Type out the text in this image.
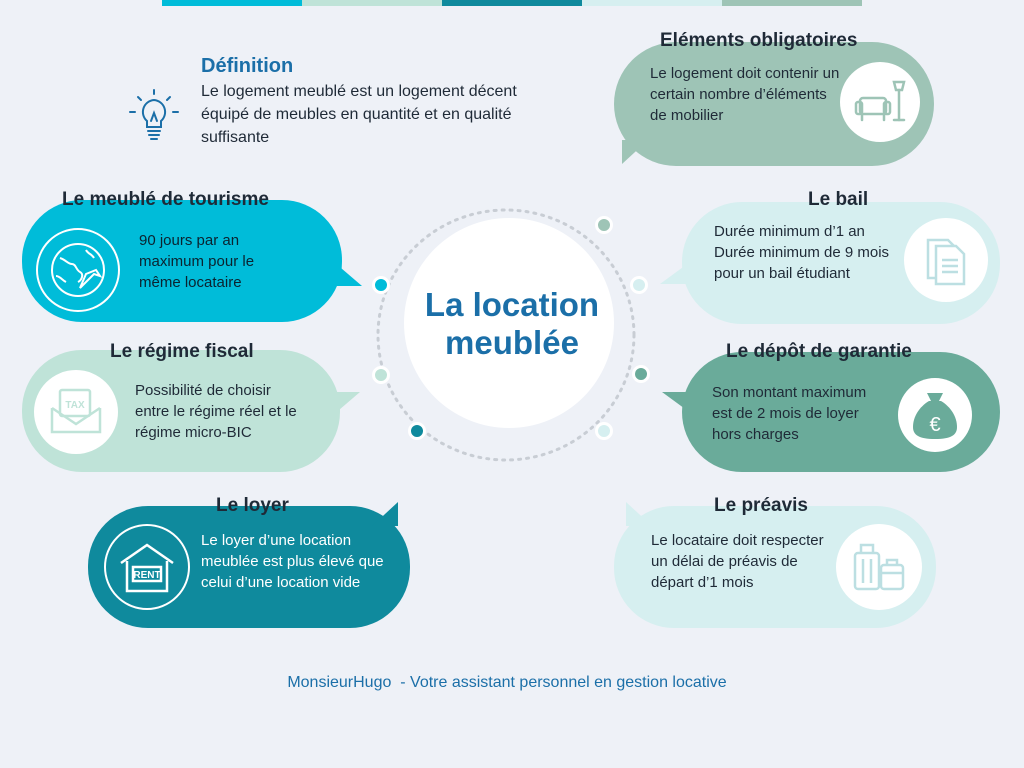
Définition
Le logement meublé est un logement décent équipé de meubles en quantité et en qualité suffisante
Eléments obligatoires
Le logement doit contenir un certain nombre d’éléments de mobilier
Le meublé de tourisme
90 jours par an maximum pour le même locataire
Le bail
Durée minimum d’1 an Durée minimum de 9 mois pour un bail étudiant
Le régime fiscal
TAX
Possibilité de choisir entre le régime réel et le régime micro-BIC
Le dépôt de garantie
Son montant maximum est de 2 mois de loyer hors charges	€
Le loyer
RENT
Le loyer d’une location meublée est plus élevé que celui d’une location vide
Le préavis
Le locataire doit respecter un délai de préavis de départ d’1 mois
La location
meublée
MonsieurHugo  - Votre assistant personnel en gestion locative
